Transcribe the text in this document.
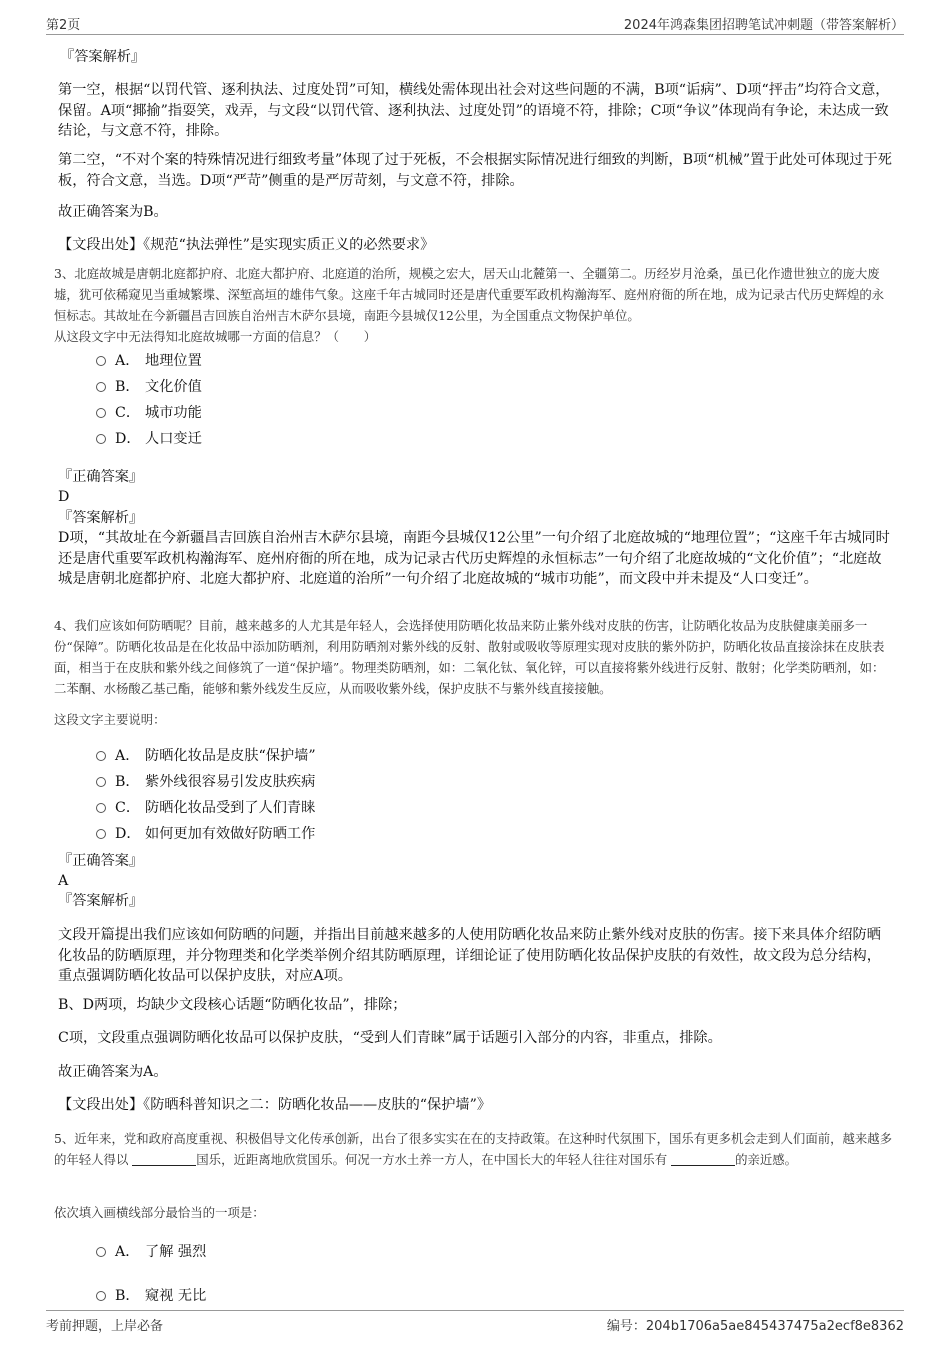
第2页	2024年鸿森集团招聘笔试冲刺题（带答案解析）
『答案解析』
第一空，根据“以罚代管、逐利执法、过度处罚”可知，横线处需体现出社会对这些问题的不满，B项“诟病”、D项“抨击”均符合文意，保留。A项“揶揄”指耍笑，戏弄，与文段“以罚代管、逐利执法、过度处罚”的语境不符，排除；C项“争议”体现尚有争论，未达成一致结论，与文意不符，排除。
第二空，“不对个案的特殊情况进行细致考量”体现了过于死板，不会根据实际情况进行细致的判断，B项“机械”置于此处可体现过于死板，符合文意，当选。D项“严苛”侧重的是严厉苛刻，与文意不符，排除。
故正确答案为B。
【文段出处】《规范“执法弹性”是实现实质正义的必然要求》
3、北庭故城是唐朝北庭都护府、北庭大都护府、北庭道的治所，规模之宏大，居天山北麓第一、全疆第二。历经岁月沧桑，虽已化作遗世独立的庞大废墟，犹可依稀窥见当重城繁堞、深堑高垣的雄伟气象。这座千年古城同时还是唐代重要军政机构瀚海军、庭州府衙的所在地，成为记录古代历史辉煌的永恒标志。其故址在今新疆昌吉回族自治州吉木萨尔县境，南距今县城仅12公里，为全国重点文物保护单位。
从这段文字中无法得知北庭故城哪一方面的信息？（　　）
A． 地理位置
B． 文化价值
C． 城市功能
D． 人口变迁
『正确答案』
D
『答案解析』
D项，“其故址在今新疆昌吉回族自治州吉木萨尔县境，南距今县城仅12公里”一句介绍了北庭故城的“地理位置”；“这座千年古城同时还是唐代重要军政机构瀚海军、庭州府衙的所在地，成为记录古代历史辉煌的永恒标志”一句介绍了北庭故城的“文化价值”；“北庭故城是唐朝北庭都护府、北庭大都护府、北庭道的治所”一句介绍了北庭故城的“城市功能”，而文段中并未提及“人口变迁”。
4、我们应该如何防晒呢？目前，越来越多的人尤其是年轻人，会选择使用防晒化妆品来防止紫外线对皮肤的伤害，让防晒化妆品为皮肤健康美丽多一份“保障”。防晒化妆品是在化妆品中添加防晒剂，利用防晒剂对紫外线的反射、散射或吸收等原理实现对皮肤的紫外防护，防晒化妆品直接涂抹在皮肤表面，相当于在皮肤和紫外线之间修筑了一道“保护墙”。物理类防晒剂，如：二氧化钛、氧化锌，可以直接将紫外线进行反射、散射；化学类防晒剂，如：二苯酮、水杨酸乙基己酯，能够和紫外线发生反应，从而吸收紫外线，保护皮肤不与紫外线直接接触。
这段文字主要说明：
A． 防晒化妆品是皮肤“保护墙”
B． 紫外线很容易引发皮肤疾病
C． 防晒化妆品受到了人们青睐
D． 如何更加有效做好防晒工作
『正确答案』
A
『答案解析』
文段开篇提出我们应该如何防晒的问题，并指出目前越来越多的人使用防晒化妆品来防止紫外线对皮肤的伤害。接下来具体介绍防晒化妆品的防晒原理，并分物理类和化学类举例介绍其防晒原理，详细论证了使用防晒化妆品保护皮肤的有效性，故文段为总分结构，重点强调防晒化妆品可以保护皮肤，对应A项。
B、D两项，均缺少文段核心话题“防晒化妆品”，排除；
C项，文段重点强调防晒化妆品可以保护皮肤，“受到人们青睐”属于话题引入部分的内容，非重点，排除。
故正确答案为A。
【文段出处】《防晒科普知识之二：防晒化妆品——皮肤的“保护墙”》
5、近年来，党和政府高度重视、积极倡导文化传承创新，出台了很多实实在在的支持政策。在这种时代氛围下，国乐有更多机会走到人们面前，越来越多的年轻人得以	国乐，近距离地欣赏国乐。何况一方水土养一方人，在中国长大的年轻人往往对国乐有	的亲近感。
依次填入画横线部分最恰当的一项是：
A． 了解 强烈
B． 窥视 无比
考前押题，上岸必备	编号：204b1706a5ae845437475a2ecf8e8362
